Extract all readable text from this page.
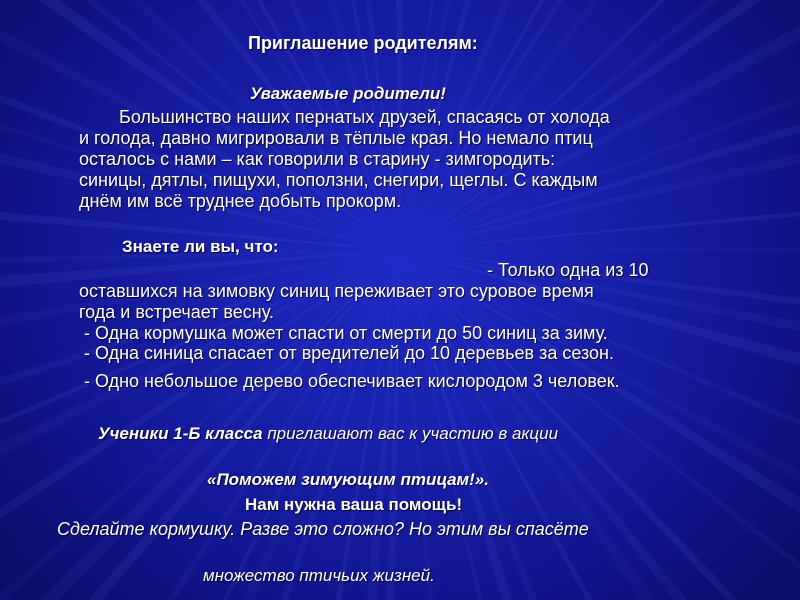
Приглашение родителям:

Уважаемые родители!

Большинство наших пернатых друзей, спасаясь от холода
и голода, давно мигрировали в тёплые края. Но немало птиц
осталось с нами – как говорили в старину - зимгородить:
синицы, дятлы, пищухи, поползни, снегири, щеглы. С каждым
днём им всё труднее добыть прокорм.

Знаете ли вы, что:

- Только одна из 10

оставшихся на зимовку синиц переживает это суровое время
года и встречает весну.

- Одна кормушка может спасти от смерти до 50 синиц за зиму.
- Одна синица спасает от вредителей до 10 деревьев за сезон.

- Одно небольшое дерево обеспечивает кислородом 3 человек.

Ученики 1-Б класса приглашают вас к участию в акции

«Поможем зимующим птицам!».

Нам нужна ваша помощь!

Сделайте кормушку. Разве это сложно? Но этим вы спасёте

множество птичьих жизней.
